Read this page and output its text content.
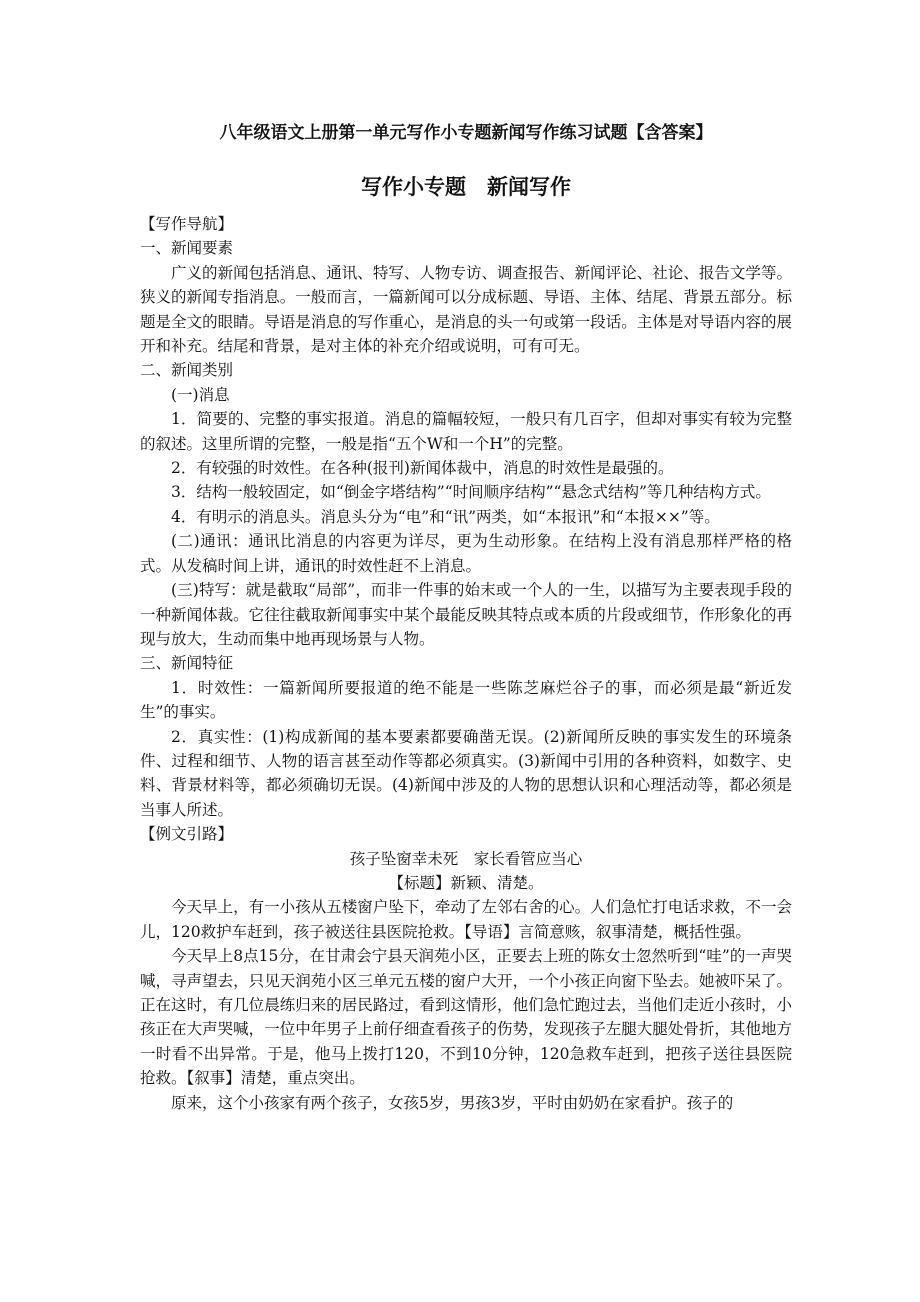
八年级语文上册第一单元写作小专题新闻写作练习试题【含答案】
写作小专题　新闻写作

【写作导航】

一、新闻要素

广义的新闻包括消息、通讯、特写、人物专访、调查报告、新闻评论、社论、报告文学等。狭义的新闻专指消息。一般而言，一篇新闻可以分成标题、导语、主体、结尾、背景五部分。标题是全文的眼睛。导语是消息的写作重心，是消息的头一句或第一段话。主体是对导语内容的展开和补充。结尾和背景，是对主体的补充介绍或说明，可有可无。

二、新闻类别

(一)消息

1．简要的、完整的事实报道。消息的篇幅较短，一般只有几百字，但却对事实有较为完整的叙述。这里所谓的完整，一般是指“五个W和一个H”的完整。

2．有较强的时效性。在各种(报刊)新闻体裁中，消息的时效性是最强的。

3．结构一般较固定，如“倒金字塔结构”“时间顺序结构”“悬念式结构”等几种结构方式。

4．有明示的消息头。消息头分为“电”和“讯”两类，如“本报讯”和“本报××”等。

(二)通讯：通讯比消息的内容更为详尽，更为生动形象。在结构上没有消息那样严格的格式。从发稿时间上讲，通讯的时效性赶不上消息。

(三)特写：就是截取“局部”，而非一件事的始末或一个人的一生，以描写为主要表现手段的一种新闻体裁。它往往截取新闻事实中某个最能反映其特点或本质的片段或细节，作形象化的再现与放大，生动而集中地再现场景与人物。

三、新闻特征

1．时效性：一篇新闻所要报道的绝不能是一些陈芝麻烂谷子的事，而必须是最“新近发生”的事实。

2．真实性：(1)构成新闻的基本要素都要确凿无误。(2)新闻所反映的事实发生的环境条件、过程和细节、人物的语言甚至动作等都必须真实。(3)新闻中引用的各种资料，如数字、史料、背景材料等，都必须确切无误。(4)新闻中涉及的人物的思想认识和心理活动等，都必须是当事人所述。

【例文引路】

孩子坠窗幸未死　家长看管应当心

【标题】新颖、清楚。

今天早上，有一小孩从五楼窗户坠下，牵动了左邻右舍的心。人们急忙打电话求救，不一会儿，120救护车赶到，孩子被送往县医院抢救。【导语】言简意赅，叙事清楚，概括性强。

今天早上8点15分，在甘肃会宁县天润苑小区，正要去上班的陈女士忽然听到“哇”的一声哭喊，寻声望去，只见天润苑小区三单元五楼的窗户大开，一个小孩正向窗下坠去。她被吓呆了。正在这时，有几位晨练归来的居民路过，看到这情形，他们急忙跑过去，当他们走近小孩时，小孩正在大声哭喊，一位中年男子上前仔细查看孩子的伤势，发现孩子左腿大腿处骨折，其他地方一时看不出异常。于是，他马上拨打120，不到10分钟，120急救车赶到，把孩子送往县医院抢救。【叙事】清楚，重点突出。

原来，这个小孩家有两个孩子，女孩5岁，男孩3岁，平时由奶奶在家看护。孩子的
